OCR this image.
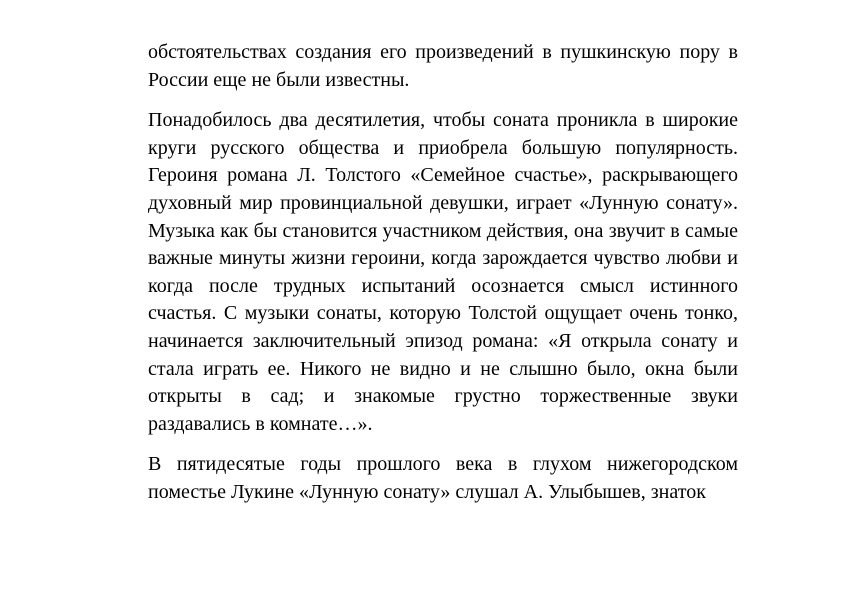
обстоятельствах создания его произведений в пушкинскую пору в России еще не были известны.

Понадобилось два десятилетия, чтобы соната проникла в широкие круги русского общества и приобрела большую популярность. Героиня романа Л. Толстого «Семейное счастье», раскрывающего духовный мир провинциальной девушки, играет «Лунную сонату». Музыка как бы становится участником действия, она звучит в самые важные минуты жизни героини, когда зарождается чувство любви и когда после трудных испытаний осознается смысл истинного счастья. С музыки сонаты, которую Толстой ощущает очень тонко, начинается заключительный эпизод романа: «Я открыла сонату и стала играть ее. Никого не видно и не слышно было, окна были открыты в сад; и знакомые грустно торжественные звуки раздавались в комнате…».

В пятидесятые годы прошлого века в глухом нижегородском поместье Лукине «Лунную сонату» слушал А. Улыбышев, знаток
